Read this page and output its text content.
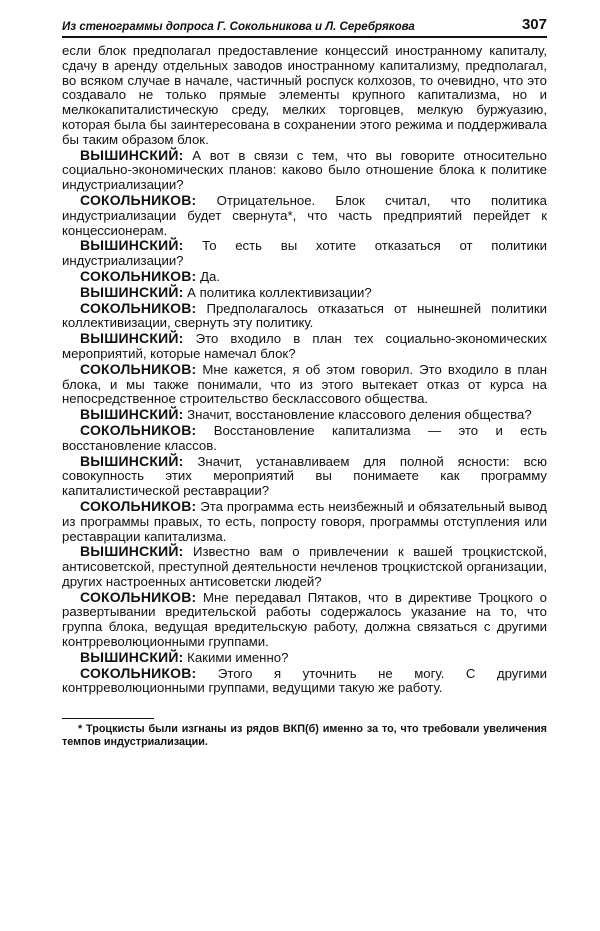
Из стенограммы допроса Г. Сокольникова и Л. Серебрякова	307

если блок предполагал предоставление концессий иностранному капиталу, сдачу в аренду отдельных заводов иностранному капитализму, предполагал, во всяком случае в начале, частичный роспуск колхозов, то очевидно, что это создавало не только прямые элементы крупного капитализма, но и мелкокапиталистическую среду, мелких торговцев, мелкую буржуазию, которая была бы заинтересована в сохранении этого режима и поддерживала бы таким образом блок.

ВЫШИНСКИЙ: А вот в связи с тем, что вы говорите относительно социально-экономических планов: каково было отношение блока к политике индустриализации?

СОКОЛЬНИКОВ: Отрицательное. Блок считал, что политика индустриализации будет свернута*, что часть предприятий перейдет к концессионерам.

ВЫШИНСКИЙ: То есть вы хотите отказаться от политики индустриализации?

СОКОЛЬНИКОВ: Да.

ВЫШИНСКИЙ: А политика коллективизации?

СОКОЛЬНИКОВ: Предполагалось отказаться от нынешней политики коллективизации, свернуть эту политику.

ВЫШИНСКИЙ: Это входило в план тех социально-экономических мероприятий, которые намечал блок?

СОКОЛЬНИКОВ: Мне кажется, я об этом говорил. Это входило в план блока, и мы также понимали, что из этого вытекает отказ от курса на непосредственное строительство бесклассового общества.

ВЫШИНСКИЙ: Значит, восстановление классового деления общества?

СОКОЛЬНИКОВ: Восстановление капитализма — это и есть восстановление классов.

ВЫШИНСКИЙ: Значит, устанавливаем для полной ясности: всю совокупность этих мероприятий вы понимаете как программу капиталистической реставрации?

СОКОЛЬНИКОВ: Эта программа есть неизбежный и обязательный вывод из программы правых, то есть, попросту говоря, программы отступления или реставрации капитализма.

ВЫШИНСКИЙ: Известно вам о привлечении к вашей троцкистской, антисоветской, преступной деятельности нечленов троцкистской организации, других настроенных антисоветски людей?

СОКОЛЬНИКОВ: Мне передавал Пятаков, что в директиве Троцкого о развертывании вредительской работы содержалось указание на то, что группа блока, ведущая вредительскую работу, должна связаться с другими контрреволюционными группами.

ВЫШИНСКИЙ: Какими именно?

СОКОЛЬНИКОВ: Этого я уточнить не могу. С другими контрреволюционными группами, ведущими такую же работу.

* Троцкисты были изгнаны из рядов ВКП(б) именно за то, что требовали увеличения темпов индустриализации.
